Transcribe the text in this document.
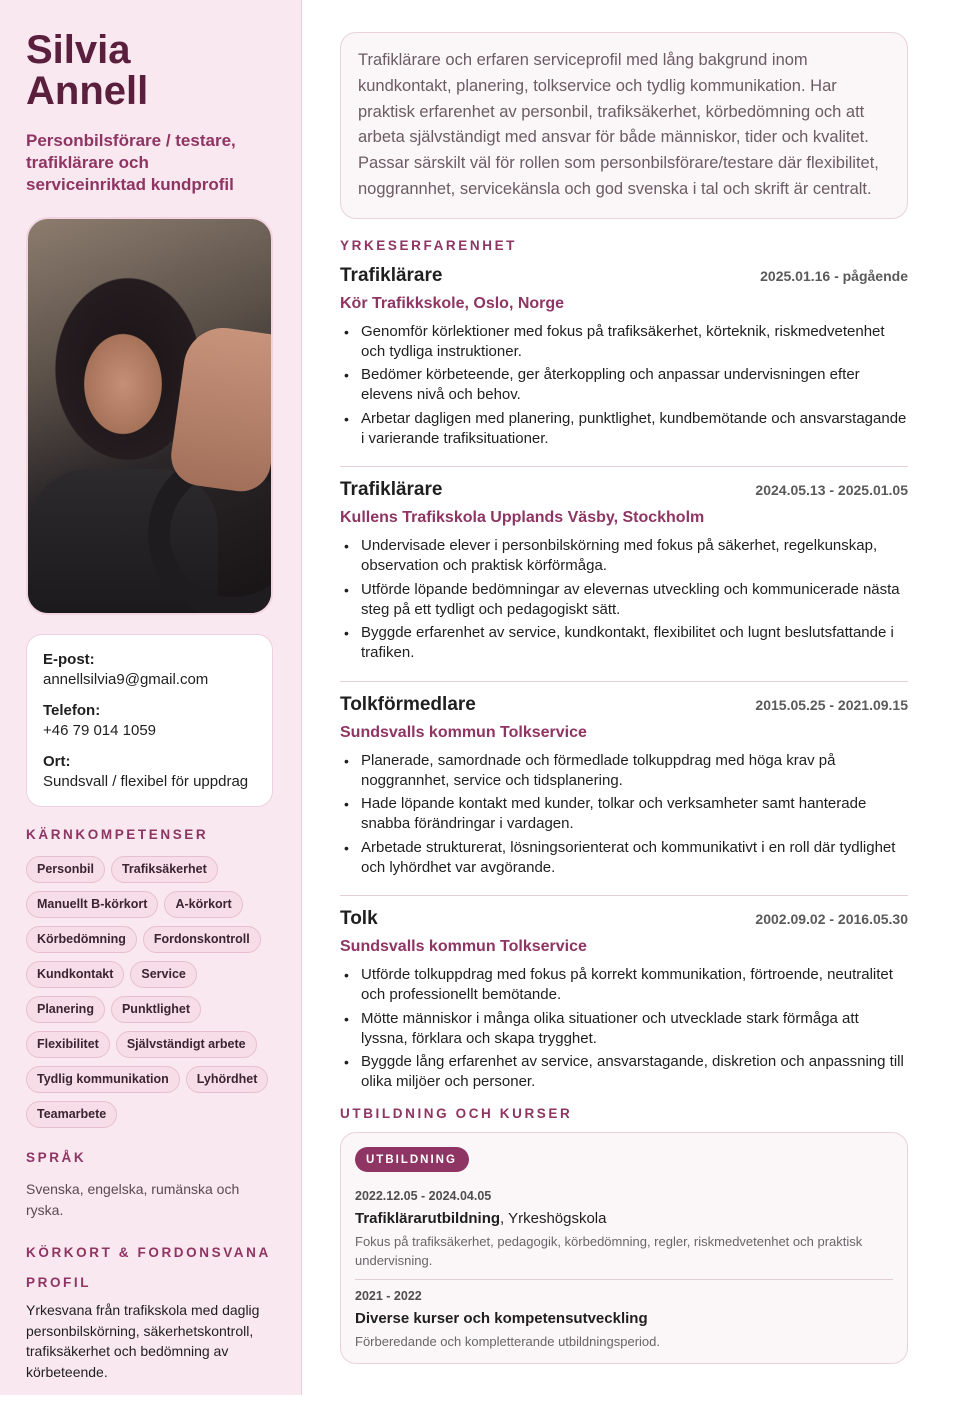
Silvia
Annell
Personbilsförare / testare, trafiklärare och serviceinriktad kundprofil
E-post:
annellsilvia9@gmail.com
Telefon:
+46 79 014 1059
Ort:
Sundsvall / flexibel för uppdrag
KÄRNKOMPETENSER
Personbil	Trafiksäkerhet
Manuellt B-körkort	A-körkort
Körbedömning	Fordonskontroll
Kundkontakt	Service
Planering	Punktlighet
Flexibilitet	Självständigt arbete
Tydlig kommunikation	Lyhördhet
Teamarbete
SPRÅK
Svenska, engelska, rumänska och ryska.
KÖRKORT & FORDONSVANA
PROFIL
Yrkesvana från trafikskola med daglig personbilskörning, säkerhetskontroll, trafiksäkerhet och bedömning av körbeteende.
Trafiklärare och erfaren serviceprofil med lång bakgrund inom kundkontakt, planering, tolkservice och tydlig kommunikation. Har praktisk erfarenhet av personbil, trafiksäkerhet, körbedömning och att arbeta självständigt med ansvar för både människor, tider och kvalitet. Passar särskilt väl för rollen som personbilsförare/testare där flexibilitet, noggrannhet, servicekänsla och god svenska i tal och skrift är centralt.
YRKESERFARENHET
Trafiklärare	2025.01.16 - pågående
Kör Trafikkskole, Oslo, Norge
• Genomför körlektioner med fokus på trafiksäkerhet, körteknik, riskmedvetenhet och tydliga instruktioner.
• Bedömer körbeteende, ger återkoppling och anpassar undervisningen efter elevens nivå och behov.
• Arbetar dagligen med planering, punktlighet, kundbemötande och ansvarstagande i varierande trafiksituationer.
Trafiklärare	2024.05.13 - 2025.01.05
Kullens Trafikskola Upplands Väsby, Stockholm
• Undervisade elever i personbilskörning med fokus på säkerhet, regelkunskap, observation och praktisk körförmåga.
• Utförde löpande bedömningar av elevernas utveckling och kommunicerade nästa steg på ett tydligt och pedagogiskt sätt.
• Byggde erfarenhet av service, kundkontakt, flexibilitet och lugnt beslutsfattande i trafiken.
Tolkförmedlare	2015.05.25 - 2021.09.15
Sundsvalls kommun Tolkservice
• Planerade, samordnade och förmedlade tolkuppdrag med höga krav på noggrannhet, service och tidsplanering.
• Hade löpande kontakt med kunder, tolkar och verksamheter samt hanterade snabba förändringar i vardagen.
• Arbetade strukturerat, lösningsorienterat och kommunikativt i en roll där tydlighet och lyhördhet var avgörande.
Tolk	2002.09.02 - 2016.05.30
Sundsvalls kommun Tolkservice
• Utförde tolkuppdrag med fokus på korrekt kommunikation, förtroende, neutralitet och professionellt bemötande.
• Mötte människor i många olika situationer och utvecklade stark förmåga att lyssna, förklara och skapa trygghet.
• Byggde lång erfarenhet av service, ansvarstagande, diskretion och anpassning till olika miljöer och personer.
UTBILDNING OCH KURSER
UTBILDNING
2022.12.05 - 2024.04.05
Trafiklärarutbildning, Yrkeshögskola
Fokus på trafiksäkerhet, pedagogik, körbedömning, regler, riskmedvetenhet och praktisk undervisning.
2021 - 2022
Diverse kurser och kompetensutveckling
Förberedande och kompletterande utbildningsperiod.
